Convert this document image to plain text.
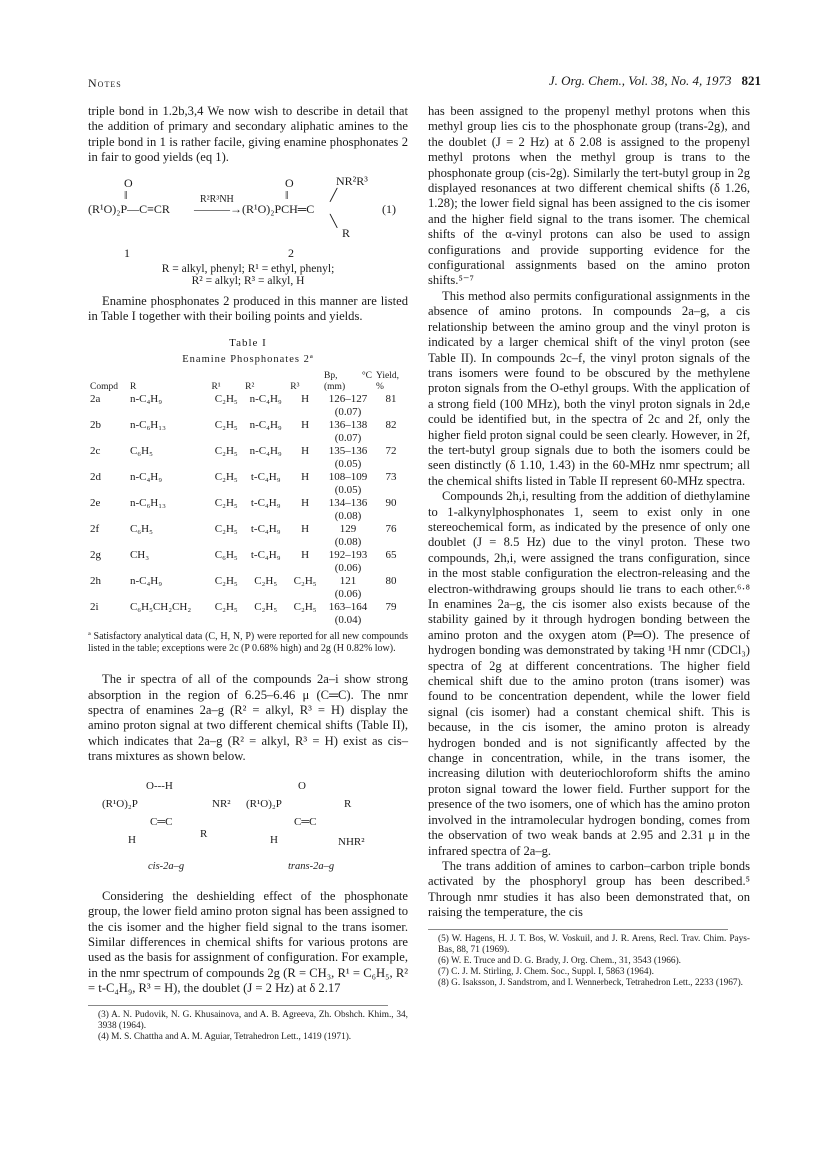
Notes	J. Org. Chem., Vol. 38, No. 4, 1973 821

triple bond in 1.2b,3,4 We now wish to describe in detail that the addition of primary and secondary aliphatic amines to the triple bond in 1 is rather facile, giving enamine phosphonates 2 in fair to good yields (eq 1).

O
‖
O
‖
NR²R³
╱
(R¹O)₂P—C≡CR
R²R³NH
———→ (R¹O)₂PCH═C	(1)
╲
R
1	2
R = alkyl, phenyl; R¹ = ethyl, phenyl;
R² = alkyl; R³ = alkyl, H

Enamine phosphonates 2 produced in this manner are listed in Table I together with their boiling points and yields.

Table I
Enamine Phosphonates 2ª
Compd	R	R¹	R²	R³	Bp, °C (mm)	Yield, %
2a	n-C₄H₉	C₂H₅	n-C₄H₉	H	126–127	81
					(0.07)	
2b	n-C₆H₁₃	C₂H₅	n-C₄H₉	H	136–138	82
					(0.07)	
2c	C₆H₅	C₂H₅	n-C₄H₉	H	135–136	72
					(0.05)	
2d	n-C₄H₉	C₂H₅	t-C₄H₉	H	108–109	73
					(0.05)	
2e	n-C₆H₁₃	C₂H₅	t-C₄H₉	H	134–136	90
					(0.08)	
2f	C₆H₅	C₂H₅	t-C₄H₉	H	129	76
					(0.08)	
2g	CH₃	C₆H₅	t-C₄H₉	H	192–193	65
					(0.06)	
2h	n-C₄H₉	C₂H₅	C₂H₅	C₂H₅	121	80
					(0.06)	
2i	C₆H₅CH₂CH₂	C₂H₅	C₂H₅	C₂H₅	163–164	79
					(0.04)	
ª Satisfactory analytical data (C, H, N, P) were reported for all new compounds listed in the table; exceptions were 2c (P 0.68% high) and 2g (H 0.82% low).

The ir spectra of all of the compounds 2a–i show strong absorption in the region of 6.25–6.46 μ (C═C). The nmr spectra of enamines 2a–g (R² = alkyl, R³ = H) display the amino proton signal at two different chemical shifts (Table II), which indicates that 2a–g (R² = alkyl, R³ = H) exist as cis–trans mixtures as shown below.

O---H
(R¹O)₂P	NR²
C═C
H	R
cis-2a–g
O
(R¹O)₂P	R
C═C
H	NHR²
trans-2a–g

Considering the deshielding effect of the phosphonate group, the lower field amino proton signal has been assigned to the cis isomer and the higher field signal to the trans isomer. Similar differences in chemical shifts for various protons are used as the basis for assignment of configuration. For example, in the nmr spectrum of compounds 2g (R = CH₃, R¹ = C₆H₅, R² = t-C₄H₉, R³ = H), the doublet (J = 2 Hz) at δ 2.17

(3) A. N. Pudovik, N. G. Khusainova, and A. B. Agreeva, Zh. Obshch. Khim., 34, 3938 (1964).
(4) M. S. Chattha and A. M. Aguiar, Tetrahedron Lett., 1419 (1971).

has been assigned to the propenyl methyl protons when this methyl group lies cis to the phosphonate group (trans-2g), and the doublet (J = 2 Hz) at δ 2.08 is assigned to the propenyl methyl protons when the methyl group is trans to the phosphonate group (cis-2g). Similarly the tert-butyl group in 2g displayed resonances at two different chemical shifts (δ 1.26, 1.28); the lower field signal has been assigned to the cis isomer and the higher field signal to the trans isomer. The chemical shifts of the α-vinyl protons can also be used to assign configurations and provide supporting evidence for the configurational assignments based on the amino proton shifts.⁵⁻⁷

This method also permits configurational assignments in the absence of amino protons. In compounds 2a–g, a cis relationship between the amino group and the vinyl proton is indicated by a larger chemical shift of the vinyl proton (see Table II). In compounds 2c–f, the vinyl proton signals of the trans isomers were found to be obscured by the methylene proton signals from the O-ethyl groups. With the application of a strong field (100 MHz), both the vinyl proton signals in 2d,e could be identified but, in the spectra of 2c and 2f, only the higher field proton signal could be seen clearly. However, in 2f, the tert-butyl group signals due to both the isomers could be seen distinctly (δ 1.10, 1.43) in the 60-MHz nmr spectrum; all the chemical shifts listed in Table II represent 60-MHz spectra.

Compounds 2h,i, resulting from the addition of diethylamine to 1-alkynylphosphonates 1, seem to exist only in one stereochemical form, as indicated by the presence of only one doublet (J = 8.5 Hz) due to the vinyl proton. These two compounds, 2h,i, were assigned the trans configuration, since in the most stable configuration the electron-releasing and the electron-withdrawing groups should lie trans to each other.⁶·⁸ In enamines 2a–g, the cis isomer also exists because of the stability gained by it through hydrogen bonding between the amino proton and the oxygen atom (P═O). The presence of hydrogen bonding was demonstrated by taking ¹H nmr (CDCl₃) spectra of 2g at different concentrations. The higher field chemical shift due to the amino proton (trans isomer) was found to be concentration dependent, while the lower field signal (cis isomer) had a constant chemical shift. This is because, in the cis isomer, the amino proton is already hydrogen bonded and is not significantly affected by the change in concentration, while, in the trans isomer, the increasing dilution with deuteriochloroform shifts the amino proton signal toward the lower field. Further support for the presence of the two isomers, one of which has the amino proton involved in the intramolecular hydrogen bonding, comes from the observation of two weak bands at 2.95 and 2.31 μ in the infrared spectra of 2a–g.

The trans addition of amines to carbon–carbon triple bonds activated by the phosphoryl group has been described.⁵ Through nmr studies it has also been demonstrated that, on raising the temperature, the cis

(5) W. Hagens, H. J. T. Bos, W. Voskuil, and J. R. Arens, Recl. Trav. Chim. Pays-Bas, 88, 71 (1969).
(6) W. E. Truce and D. G. Brady, J. Org. Chem., 31, 3543 (1966).
(7) C. J. M. Stirling, J. Chem. Soc., Suppl. I, 5863 (1964).
(8) G. Isaksson, J. Sandstrom, and I. Wennerbeck, Tetrahedron Lett., 2233 (1967).
